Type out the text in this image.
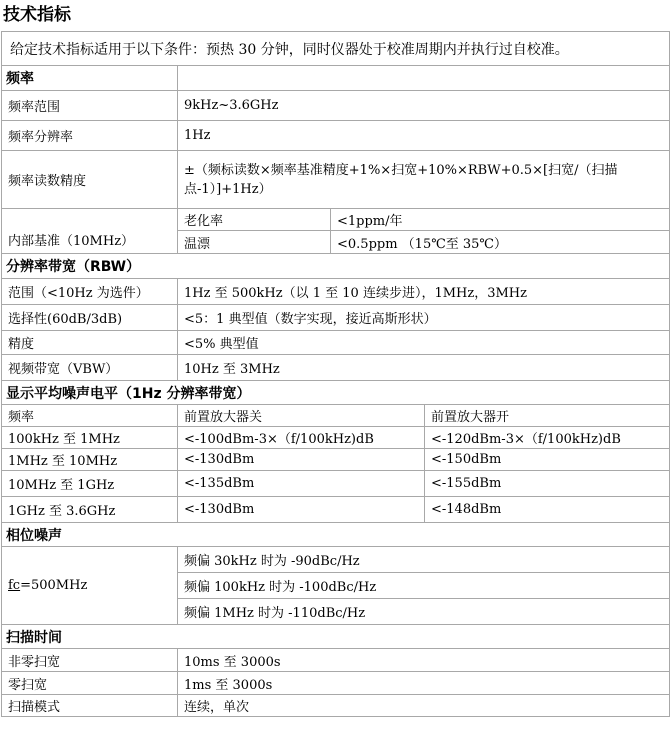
技术指标
给定技术指标适用于以下条件：预热 30 分钟，同时仪器处于校准周期内并执行过自校准。			
频率			
频率范围	9kHz~3.6GHz		
频率分辨率	1Hz		
频率读数精度	±（频标读数×频率基准精度+1%×扫宽+10%×RBW+0.5×[扫宽/（扫描点-1）]+1Hz）		
内部基准（10MHz）	老化率	<1ppm/年	
	温漂	<0.5ppm （15℃至 35℃）	
分辨率带宽（RBW）			
范围（<10Hz 为选件）	1Hz 至 500kHz（以 1 至 10 连续步进），1MHz，3MHz		
选择性(60dB/3dB)	<5：1 典型值（数字实现，接近高斯形状）		
精度	<5% 典型值		
视频带宽（VBW）	10Hz 至 3MHz		
显示平均噪声电平（1Hz 分辨率带宽）			
频率	前置放大器关		前置放大器开
100kHz 至 1MHz	<-100dBm-3×（f/100kHz)dB		<-120dBm-3×（f/100kHz)dB
1MHz 至 10MHz	<-130dBm		<-150dBm
10MHz 至 1GHz	<-135dBm		<-155dBm
1GHz 至 3.6GHz	<-130dBm		<-148dBm
相位噪声			
fc=500MHz	频偏 30kHz 时为 -90dBc/Hz		
	频偏 100kHz 时为 -100dBc/Hz		
	频偏 1MHz 时为 -110dBc/Hz		
扫描时间			
非零扫宽	10ms 至 3000s		
零扫宽	1ms 至 3000s		
扫描模式	连续，单次		
